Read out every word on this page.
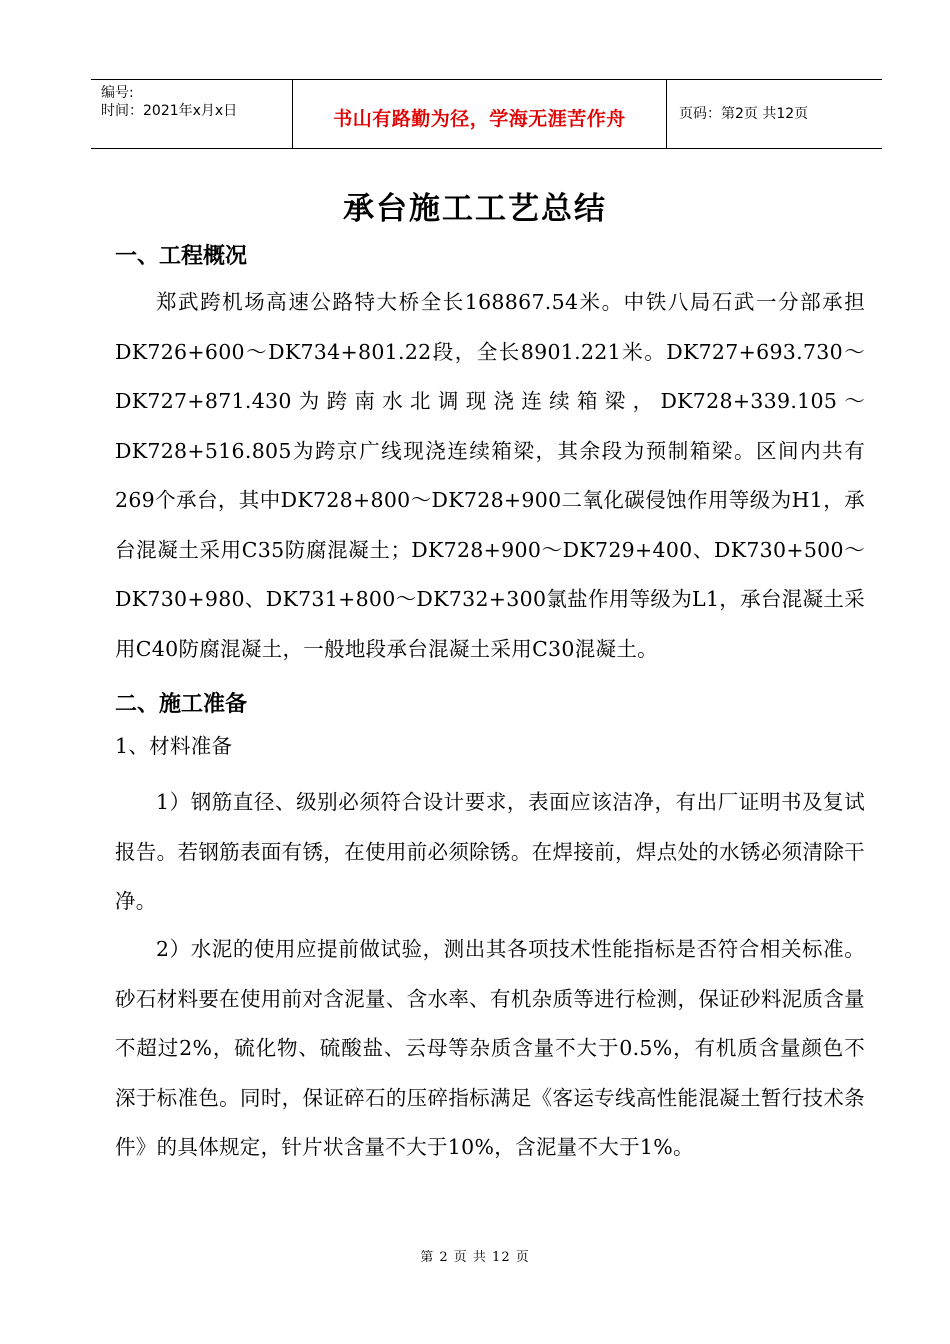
编号:
时间：2021年x月x日	书山有路勤为径，学海无涯苦作舟	页码：第2页 共12页
承台施工工艺总结
一、工程概况
郑武跨机场高速公路特大桥全长168867.54米。中铁八局石武一分部承担DK726+600～DK734+801.22段，全长8901.221米。DK727+693.730～DK727+871.430为跨南水北调现浇连续箱梁，DK728+339.105～DK728+516.805为跨京广线现浇连续箱梁，其余段为预制箱梁。区间内共有269个承台，其中DK728+800～DK728+900二氧化碳侵蚀作用等级为H1，承台混凝土采用C35防腐混凝土；DK728+900～DK729+400、DK730+500～DK730+980、DK731+800～DK732+300氯盐作用等级为L1，承台混凝土采用C40防腐混凝土，一般地段承台混凝土采用C30混凝土。
二、施工准备
1、材料准备
1）钢筋直径、级别必须符合设计要求，表面应该洁净，有出厂证明书及复试报告。若钢筋表面有锈，在使用前必须除锈。在焊接前，焊点处的水锈必须清除干净。
2）水泥的使用应提前做试验，测出其各项技术性能指标是否符合相关标准。砂石材料要在使用前对含泥量、含水率、有机杂质等进行检测，保证砂料泥质含量不超过2%，硫化物、硫酸盐、云母等杂质含量不大于0.5%，有机质含量颜色不深于标准色。同时，保证碎石的压碎指标满足《客运专线高性能混凝土暂行技术条件》的具体规定，针片状含量不大于10%，含泥量不大于1%。
第 2 页 共 12 页
